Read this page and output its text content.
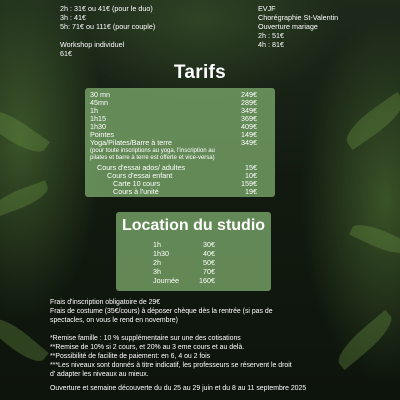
2h : 31€ ou 41€ (pour le duo)
3h : 41€
5h: 71€ ou 111€ (pour couple)
Workshop individuel
61€
EVJF
Chorégraphie St-Valentin
Ouverture mariage
2h : 51€
4h : 81€
Tarifs
30 mn	249€
45mn	289€
1h	349€
1h15	369€
1h30	409€
Pointes	149€
Yoga/Pilates/Barre à terre	349€
(pour toute inscriptions au yoga, l'inscription au
pilates et barre à terre est offerte et vice-versa)
Cours d'essai ados/ adultes	15€
Cours d'essai enfant	10€
Carte 10 cours	159€
Cours à l'unité	19€
Location du studio
1h	30€
1h30	40€
2h	50€
3h	70€
Journée	160€
Frais d'inscription obligatoire de 29€
Frais de costume (35€/cours) à déposer chèque dès la rentrée (si pas de
spectacles, on vous le rend en novembre)
*Remise famille : 10 % supplémentaire sur une des cotisations
**Remise de 10% si 2 cours, et 20% au 3 eme cours et au delà.
**Possibilité de facilite de paiement: en 6, 4 ou 2 fois
***Les niveaux sont donnés à titre indicatif, les professeurs se réservent le droit
d' adapter les niveaux au mieux.
Ouverture et semaine découverte du du 25 au 29 juin et du 8 au 11 septembre 2025
